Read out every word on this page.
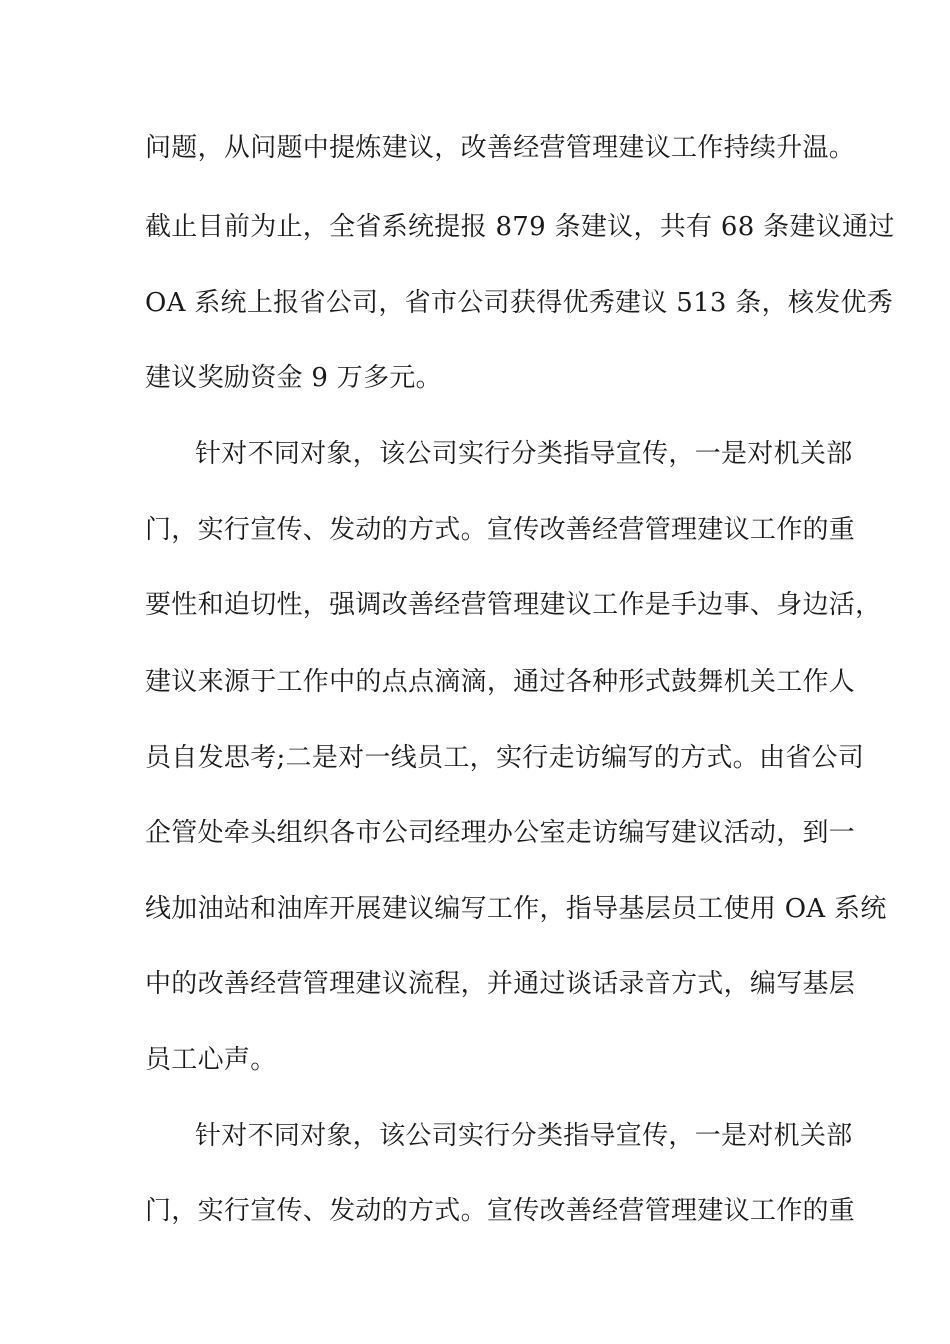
问题，从问题中提炼建议，改善经营管理建议工作持续升温。
截止目前为止，全省系统提报 879 条建议，共有 68 条建议通过
OA 系统上报省公司，省市公司获得优秀建议 513 条，核发优秀
建议奖励资金 9 万多元。
针对不同对象，该公司实行分类指导宣传，一是对机关部
门，实行宣传、发动的方式。宣传改善经营管理建议工作的重
要性和迫切性，强调改善经营管理建议工作是手边事、身边活，
建议来源于工作中的点点滴滴，通过各种形式鼓舞机关工作人
员自发思考;二是对一线员工，实行走访编写的方式。由省公司
企管处牵头组织各市公司经理办公室走访编写建议活动，到一
线加油站和油库开展建议编写工作，指导基层员工使用 OA 系统
中的改善经营管理建议流程，并通过谈话录音方式，编写基层
员工心声。
针对不同对象，该公司实行分类指导宣传，一是对机关部
门，实行宣传、发动的方式。宣传改善经营管理建议工作的重
